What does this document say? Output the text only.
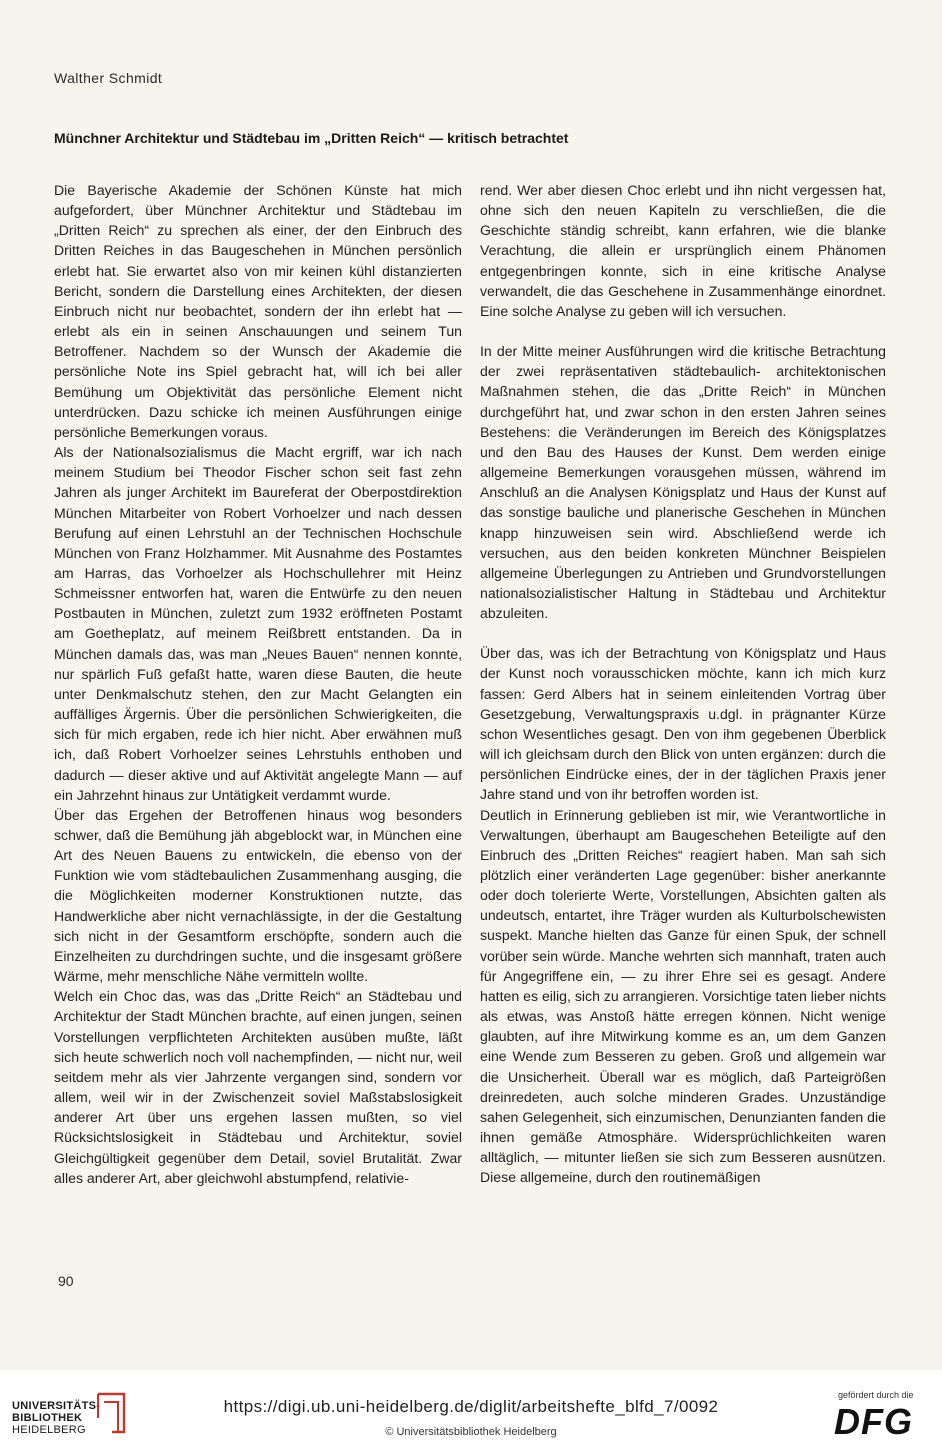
Walther Schmidt
Münchner Architektur und Städtebau im „Dritten Reich“ — kritisch betrachtet

Die Bayerische Akademie der Schönen Künste hat mich aufgefordert, über Münchner Architektur und Städtebau im „Dritten Reich“ zu sprechen als einer, der den Einbruch des Dritten Reiches in das Baugeschehen in München persönlich erlebt hat. Sie erwartet also von mir keinen kühl distanzierten Bericht, sondern die Darstellung eines Architekten, der diesen Einbruch nicht nur beobachtet, sondern der ihn erlebt hat — erlebt als ein in seinen Anschauungen und seinem Tun Betroffener. Nachdem so der Wunsch der Akademie die persönliche Note ins Spiel gebracht hat, will ich bei aller Bemühung um Objektivität das persönliche Element nicht unterdrücken. Dazu schicke ich meinen Ausführungen einige persönliche Bemerkungen voraus.

Als der Nationalsozialismus die Macht ergriff, war ich nach meinem Studium bei Theodor Fischer schon seit fast zehn Jahren als junger Architekt im Baureferat der Oberpostdirektion München Mitarbeiter von Robert Vorhoelzer und nach dessen Berufung auf einen Lehrstuhl an der Technischen Hochschule München von Franz Holzhammer. Mit Ausnahme des Postamtes am Harras, das Vorhoelzer als Hochschullehrer mit Heinz Schmeissner entworfen hat, waren die Entwürfe zu den neuen Postbauten in München, zuletzt zum 1932 eröffneten Postamt am Goetheplatz, auf meinem Reißbrett entstanden. Da in München damals das, was man „Neues Bauen“ nennen konnte, nur spärlich Fuß gefaßt hatte, waren diese Bauten, die heute unter Denkmalschutz stehen, den zur Macht Gelangten ein auffälliges Ärgernis. Über die persönlichen Schwierigkeiten, die sich für mich ergaben, rede ich hier nicht. Aber erwähnen muß ich, daß Robert Vorhoelzer seines Lehrstuhls enthoben und dadurch — dieser aktive und auf Aktivität angelegte Mann — auf ein Jahrzehnt hinaus zur Untätigkeit verdammt wurde.

Über das Ergehen der Betroffenen hinaus wog besonders schwer, daß die Bemühung jäh abgeblockt war, in München eine Art des Neuen Bauens zu entwickeln, die ebenso von der Funktion wie vom städtebaulichen Zusammenhang ausging, die die Möglichkeiten moderner Konstruktionen nutzte, das Handwerkliche aber nicht vernachlässigte, in der die Gestaltung sich nicht in der Gesamtform erschöpfte, sondern auch die Einzelheiten zu durchdringen suchte, und die insgesamt größere Wärme, mehr menschliche Nähe vermitteln wollte.

Welch ein Choc das, was das „Dritte Reich“ an Städtebau und Architektur der Stadt München brachte, auf einen jungen, seinen Vorstellungen verpflichteten Architekten ausüben mußte, läßt sich heute schwerlich noch voll nachempfinden, — nicht nur, weil seitdem mehr als vier Jahrzente vergangen sind, sondern vor allem, weil wir in der Zwischenzeit soviel Maßstabslosigkeit anderer Art über uns ergehen lassen mußten, so viel Rücksichtslosigkeit in Städtebau und Architektur, soviel Gleichgültigkeit gegenüber dem Detail, soviel Brutalität. Zwar alles anderer Art, aber gleichwohl abstumpfend, relativie-

rend. Wer aber diesen Choc erlebt und ihn nicht vergessen hat, ohne sich den neuen Kapiteln zu verschließen, die die Geschichte ständig schreibt, kann erfahren, wie die blanke Verachtung, die allein er ursprünglich einem Phänomen entgegenbringen konnte, sich in eine kritische Analyse verwandelt, die das Geschehene in Zusammenhänge einordnet. Eine solche Analyse zu geben will ich versuchen.

In der Mitte meiner Ausführungen wird die kritische Betrachtung der zwei repräsentativen städtebaulich- architektonischen Maßnahmen stehen, die das „Dritte Reich“ in München durchgeführt hat, und zwar schon in den ersten Jahren seines Bestehens: die Veränderungen im Bereich des Königsplatzes und den Bau des Hauses der Kunst. Dem werden einige allgemeine Bemerkungen vorausgehen müssen, während im Anschluß an die Analysen Königsplatz und Haus der Kunst auf das sonstige bauliche und planerische Geschehen in München knapp hinzuweisen sein wird. Abschließend werde ich versuchen, aus den beiden konkreten Münchner Beispielen allgemeine Überlegungen zu Antrieben und Grundvorstellungen nationalsozialistischer Haltung in Städtebau und Architektur abzuleiten.

Über das, was ich der Betrachtung von Königsplatz und Haus der Kunst noch vorausschicken möchte, kann ich mich kurz fassen: Gerd Albers hat in seinem einleitenden Vortrag über Gesetzgebung, Verwaltungspraxis u.dgl. in prägnanter Kürze schon Wesentliches gesagt. Den von ihm gegebenen Überblick will ich gleichsam durch den Blick von unten ergänzen: durch die persönlichen Eindrücke eines, der in der täglichen Praxis jener Jahre stand und von ihr betroffen worden ist.

Deutlich in Erinnerung geblieben ist mir, wie Verantwortliche in Verwaltungen, überhaupt am Baugeschehen Beteiligte auf den Einbruch des „Dritten Reiches“ reagiert haben. Man sah sich plötzlich einer veränderten Lage gegenüber: bisher anerkannte oder doch tolerierte Werte, Vorstellungen, Absichten galten als undeutsch, entartet, ihre Träger wurden als Kulturbolschewisten suspekt. Manche hielten das Ganze für einen Spuk, der schnell vorüber sein würde. Manche wehrten sich mannhaft, traten auch für Angegriffene ein, — zu ihrer Ehre sei es gesagt. Andere hatten es eilig, sich zu arrangieren. Vorsichtige taten lieber nichts als etwas, was Anstoß hätte erregen können. Nicht wenige glaubten, auf ihre Mitwirkung komme es an, um dem Ganzen eine Wende zum Besseren zu geben. Groß und allgemein war die Unsicherheit. Überall war es möglich, daß Parteigrößen dreinredeten, auch solche minderen Grades. Unzuständige sahen Gelegenheit, sich einzumischen, Denunzianten fanden die ihnen gemäße Atmosphäre. Widersprüchlichkeiten waren alltäglich, — mitunter ließen sie sich zum Besseren ausnützen. Diese allgemeine, durch den routinemäßigen

90
UNIVERSITÄTS-
BIBLIOTHEK
HEIDELBERG
https://digi.ub.uni-heidelberg.de/diglit/arbeitshefte_blfd_7/0092
© Universitätsbibliothek Heidelberg
gefördert durch die
DFG
